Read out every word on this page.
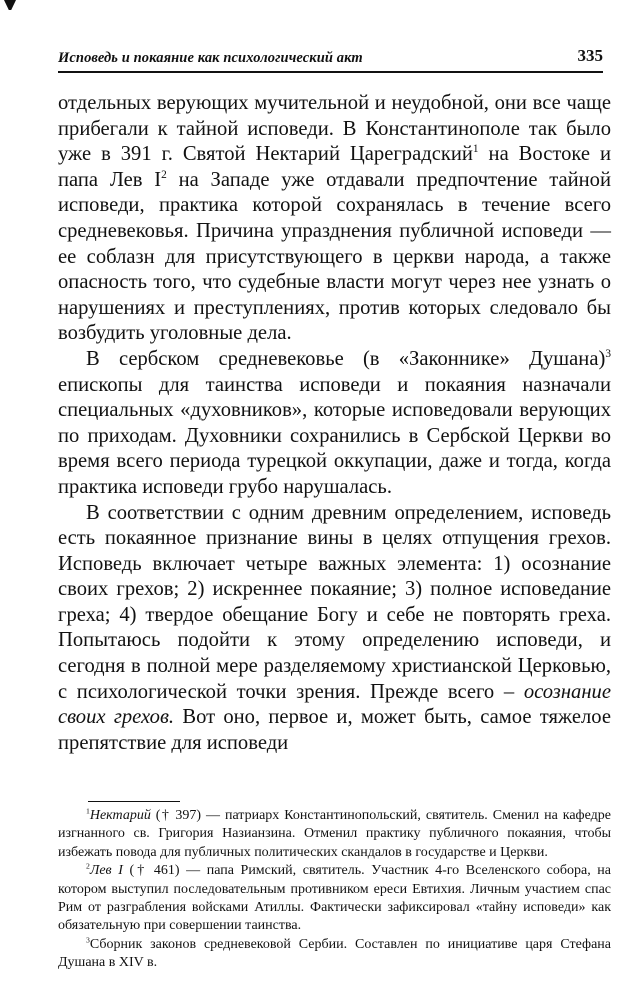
Исповедь и покаяние как психологический акт	335

отдельных верующих мучительной и неудобной, они все чаще прибегали к тайной исповеди. В Константинополе так было уже в 391 г. Святой Нектарий Цареградский$^1$ на Востоке и папа Лев $I^2$ на Западе уже отдавали предпочтение тайной исповеди, практика которой сохранялась в течение всего средневековья. Причина упразднения публичной исповеди — ее соблазн для присутствующего в церкви народа, а также опасность того, что судебные власти могут через нее узнать о нарушениях и преступлениях, против которых следовало бы возбудить уголовные дела.

В сербском средневековье (в «Законнике» Душана)$^3$ епископы для таинства исповеди и покаяния назначали специальных «духовников», которые исповедовали верующих по приходам. Духовники сохранились в Сербской Церкви во время всего периода турецкой оккупации, даже и тогда, когда практика исповеди грубо нарушалась.

В соответствии с одним древним определением, исповедь есть покаянное признание вины в целях отпущения грехов. Исповедь включает четыре важных элемента: 1) осознание своих грехов; 2) искреннее покаяние; 3) полное исповедание греха; 4) твердое обещание Богу и себе не повторять греха. Попытаюсь подойти к этому определению исповеди, и сегодня в полной мере разделяемому христианской Церковью, с психологической точки зрения. Прежде всего – осознание своих грехов. Вот оно, первое и, может быть, самое тяжелое препятствие для исповеди

$^1$Нектарий († 397) — патриарх Константинопольский, святитель. Сменил на кафедре изгнанного св. Григория Назианзина. Отменил практику публичного покаяния, чтобы избежать повода для публичных политических скандалов в государстве и Церкви.

$^2$Лев I († 461) — папа Римский, святитель. Участник 4-го Вселенского собора, на котором выступил последовательным противником ереси Евтихия. Личным участием спас Рим от разграбления войсками Атиллы. Фактически зафиксировал «тайну исповеди» как обязательную при совершении таинства.

$^3$Сборник законов средневековой Сербии. Составлен по инициативе царя Стефана Душана в XIV в.
